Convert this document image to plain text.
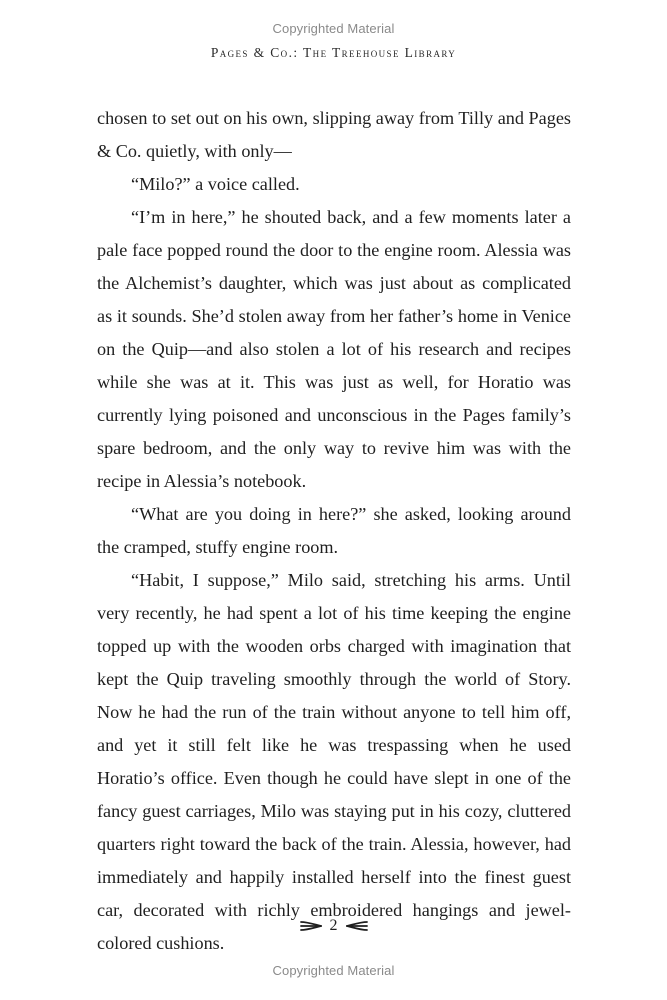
Copyrighted Material
Pages & Co.: The Treehouse Library

chosen to set out on his own, slipping away from Tilly and Pages & Co. quietly, with only—

“Milo?” a voice called.

“I’m in here,” he shouted back, and a few moments later a pale face popped round the door to the engine room. Alessia was the Alchemist’s daughter, which was just about as complicated as it sounds. She’d stolen away from her father’s home in Venice on the Quip—and also stolen a lot of his research and recipes while she was at it. This was just as well, for Horatio was currently lying poisoned and unconscious in the Pages family’s spare bedroom, and the only way to revive him was with the recipe in Alessia’s notebook.

“What are you doing in here?” she asked, looking around the cramped, stuffy engine room.

“Habit, I suppose,” Milo said, stretching his arms. Until very recently, he had spent a lot of his time keeping the engine topped up with the wooden orbs charged with imagination that kept the Quip traveling smoothly through the world of Story. Now he had the run of the train without anyone to tell him off, and yet it still felt like he was trespassing when he used Horatio’s office. Even though he could have slept in one of the fancy guest carriages, Milo was staying put in his cozy, cluttered quarters right toward the back of the train. Alessia, however, had immediately and happily installed herself into the finest guest car, decorated with richly embroidered hangings and jewel-colored cushions.

2
Copyrighted Material
